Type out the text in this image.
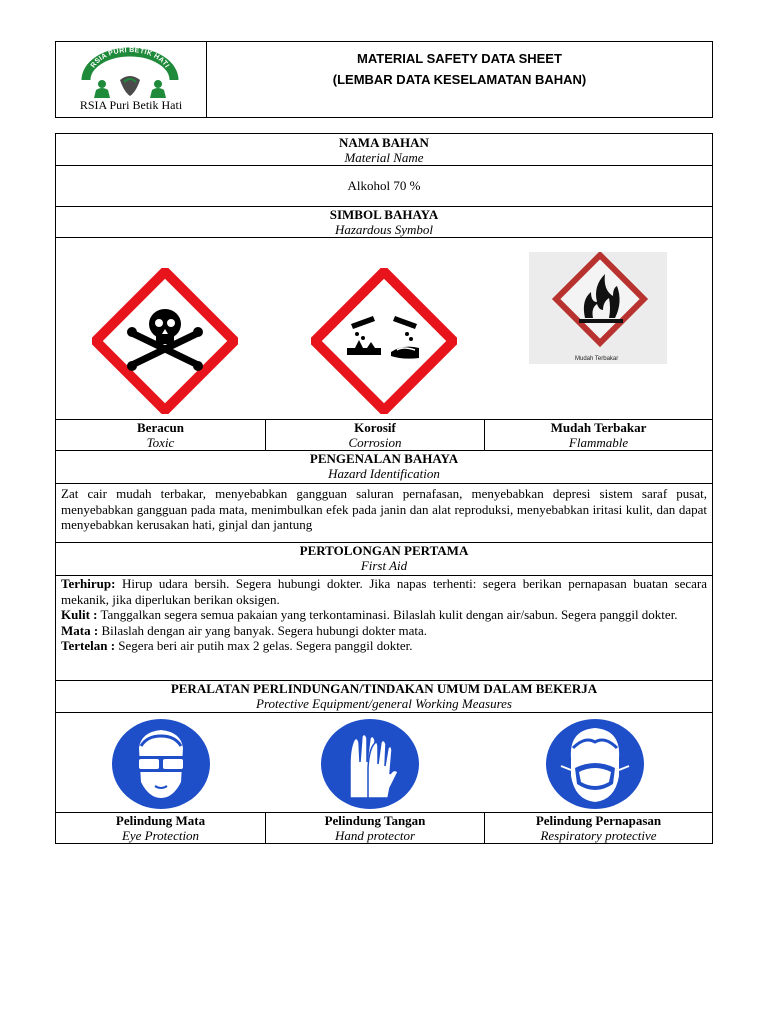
RSIA PURI BETIK HATI
RSIA Puri Betik Hati
MATERIAL SAFETY DATA SHEET
(LEMBAR DATA KESELAMATAN BAHAN)
NAMA BAHAN
Material Name
Alkohol 70 %
SIMBOL BAHAYA
Hazardous Symbol
Mudah Terbakar
Beracun
Toxic
Korosif
Corrosion
Mudah Terbakar
Flammable
PENGENALAN BAHAYA
Hazard Identification
Zat cair mudah terbakar, menyebabkan gangguan saluran pernafasan, menyebabkan depresi sistem saraf pusat, menyebabkan gangguan pada mata, menimbulkan efek pada janin dan alat reproduksi, menyebabkan iritasi kulit, dan dapat menyebabkan kerusakan hati, ginjal dan jantung
PERTOLONGAN PERTAMA
First Aid
Terhirup: Hirup udara bersih. Segera hubungi dokter. Jika napas terhenti: segera berikan pernapasan buatan secara mekanik, jika diperlukan berikan oksigen.
Kulit : Tanggalkan segera semua pakaian yang terkontaminasi. Bilaslah kulit dengan air/sabun. Segera panggil dokter.
Mata : Bilaslah dengan air yang banyak. Segera hubungi dokter mata.
Tertelan : Segera beri air putih max 2 gelas. Segera panggil dokter.
PERALATAN PERLINDUNGAN/TINDAKAN UMUM DALAM BEKERJA
Protective Equipment/general Working Measures
Pelindung Mata
Eye Protection
Pelindung Tangan
Hand protector
Pelindung Pernapasan
Respiratory protective
